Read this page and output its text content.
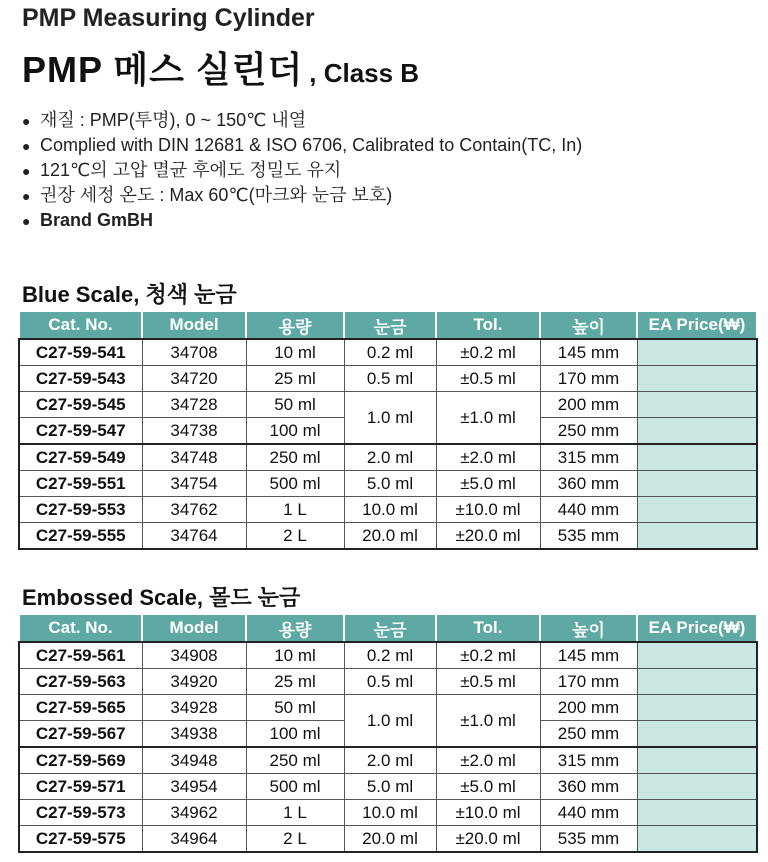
PMP Measuring Cylinder
PMP 메스 실린더 , Class B
● 재질 : PMP(투명), 0 ~ 150℃ 내열
● Complied with DIN 12681 & ISO 6706, Calibrated to Contain(TC, In)
● 121℃의 고압 멸균 후에도 정밀도 유지
● 권장 세정 온도 : Max 60℃(마크와 눈금 보호)
● Brand GmBH
Blue Scale, 청색 눈금
Cat. No.	Model	용량	눈금	Tol.	높이	EA Price(₩)
C27-59-541	34708	10 ml	0.2 ml	±0.2 ml	145 mm	
C27-59-543	34720	25 ml	0.5 ml	±0.5 ml	170 mm	
C27-59-545	34728	50 ml	1.0 ml	±1.0 ml	200 mm	
C27-59-547	34738	100 ml			250 mm	
C27-59-549	34748	250 ml	2.0 ml	±2.0 ml	315 mm	
C27-59-551	34754	500 ml	5.0 ml	±5.0 ml	360 mm	
C27-59-553	34762	1 L	10.0 ml	±10.0 ml	440 mm	
C27-59-555	34764	2 L	20.0 ml	±20.0 ml	535 mm	
Embossed Scale, 몰드 눈금
Cat. No.	Model	용량	눈금	Tol.	높이	EA Price(₩)
C27-59-561	34908	10 ml	0.2 ml	±0.2 ml	145 mm	
C27-59-563	34920	25 ml	0.5 ml	±0.5 ml	170 mm	
C27-59-565	34928	50 ml	1.0 ml	±1.0 ml	200 mm	
C27-59-567	34938	100 ml			250 mm	
C27-59-569	34948	250 ml	2.0 ml	±2.0 ml	315 mm	
C27-59-571	34954	500 ml	5.0 ml	±5.0 ml	360 mm	
C27-59-573	34962	1 L	10.0 ml	±10.0 ml	440 mm	
C27-59-575	34964	2 L	20.0 ml	±20.0 ml	535 mm	
